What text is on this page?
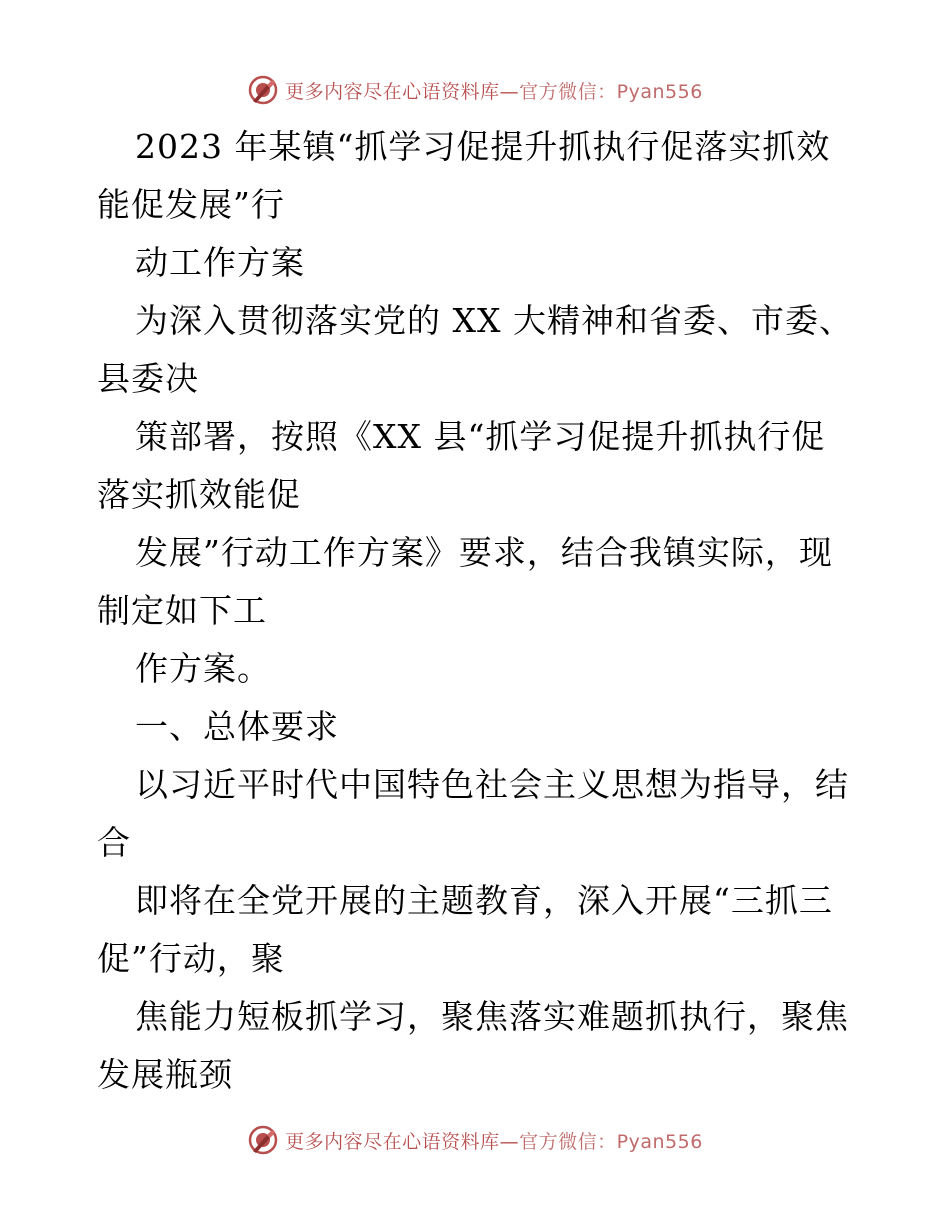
更多内容尽在心语资料库—官方微信：Pyan556
2023 年某镇“抓学习促提升抓执行促落实抓效
能促发展”行
动工作方案
为深入贯彻落实党的 XX 大精神和省委、市委、
县委决
策部署，按照《XX 县“抓学习促提升抓执行促
落实抓效能促
发展”行动工作方案》要求，结合我镇实际，现
制定如下工
作方案。
一、总体要求
以习近平时代中国特色社会主义思想为指导，结
合
即将在全党开展的主题教育，深入开展“三抓三
促”行动，聚
焦能力短板抓学习，聚焦落实难题抓执行，聚焦
发展瓶颈
更多内容尽在心语资料库—官方微信：Pyan556
